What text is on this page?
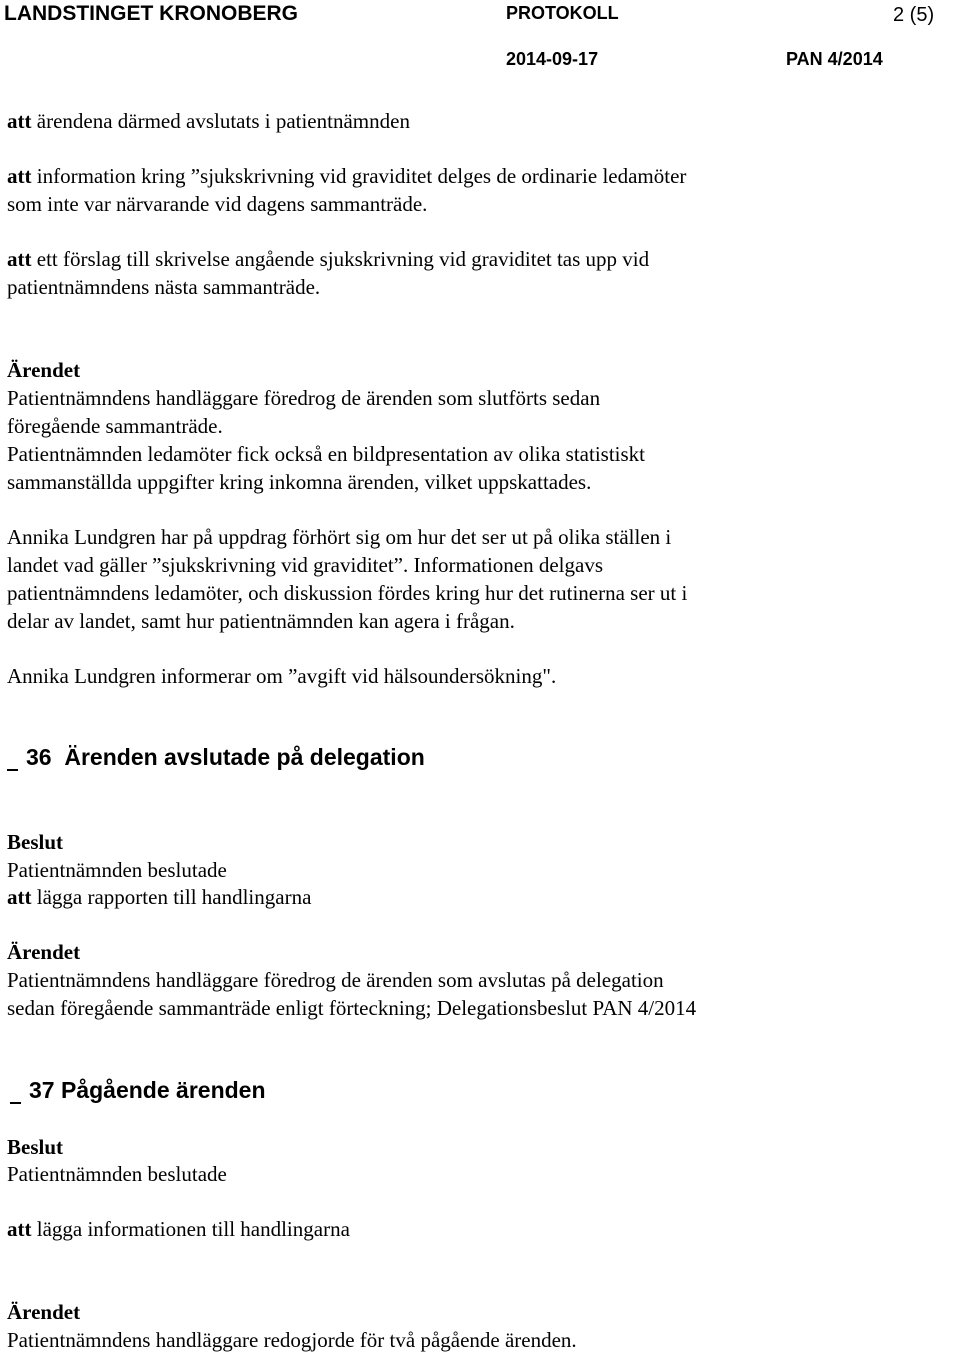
LANDSTINGET KRONOBERG	PROTOKOLL	2 (5)
2014-09-17	PAN 4/2014
att ärendena därmed avslutats i patientnämnden
att information kring ”sjukskrivning vid graviditet delges de ordinarie ledamöter
som inte var närvarande vid dagens sammanträde.
att ett förslag till skrivelse angående sjukskrivning vid graviditet tas upp vid
patientnämndens nästa sammanträde.
Ärendet
Patientnämndens handläggare föredrog de ärenden som slutförts sedan
föregående sammanträde.
Patientnämnden ledamöter fick också en bildpresentation av olika statistiskt
sammanställda uppgifter kring inkomna ärenden, vilket uppskattades.
Annika Lundgren har på uppdrag förhört sig om hur det ser ut på olika ställen i
landet vad gäller ”sjukskrivning vid graviditet”. Informationen delgavs
patientnämndens ledamöter, och diskussion fördes kring hur det rutinerna ser ut i
delar av landet, samt hur patientnämnden kan agera i frågan.
Annika Lundgren informerar om ”avgift vid hälsoundersökning".
36 Ärenden avslutade på delegation
Beslut
Patientnämnden beslutade
att lägga rapporten till handlingarna
Ärendet
Patientnämndens handläggare föredrog de ärenden som avslutas på delegation
sedan föregående sammanträde enligt förteckning; Delegationsbeslut PAN 4/2014
37 Pågående ärenden
Beslut
Patientnämnden beslutade
att lägga informationen till handlingarna
Ärendet
Patientnämndens handläggare redogjorde för två pågående ärenden.
